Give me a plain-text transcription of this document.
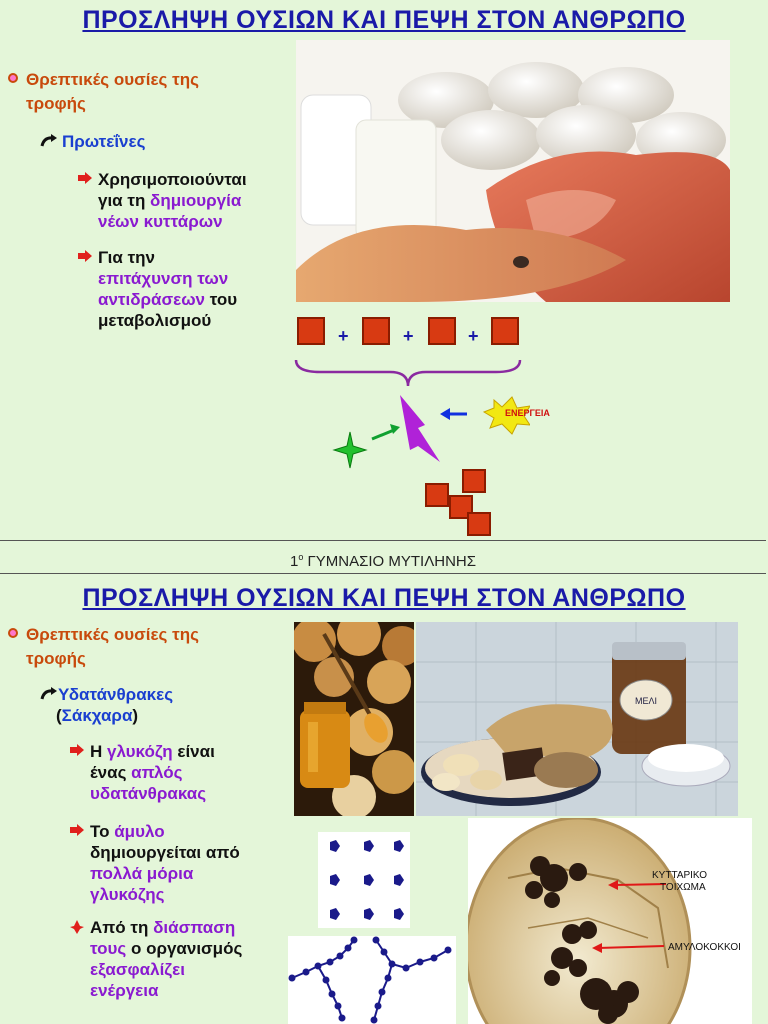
ΠΡΟΣΛΗΨΗ ΟΥΣΙΩΝ ΚΑΙ ΠΕΨΗ ΣΤΟΝ ΑΝΘΡΩΠΟ
Θρεπτικές ουσίες της
τροφής
Πρωτεΐνες
Χρησιμοποιούνται
για τη δημιουργία
νέων κυττάρων
Για την
επιτάχυνση των
αντιδράσεων του
μεταβολισμού
+	+	+
ΕΝΕΡΓΕΙΑ
$1^o$ ΓΥΜΝΑΣΙΟ ΜΥΤΙΛΗΝΗΣ
ΠΡΟΣΛΗΨΗ ΟΥΣΙΩΝ ΚΑΙ ΠΕΨΗ ΣΤΟΝ ΑΝΘΡΩΠΟ
Θρεπτικές ουσίες της
τροφής
Υδατάνθρακες
(Σάκχαρα)
Η γλυκόζη είναι
ένας απλός
υδατάνθρακας
Το άμυλο
δημιουργείται από
πολλά μόρια
γλυκόζης
Από τη διάσπαση
τους ο οργανισμός
εξασφαλίζει
ενέργεια
ΜΕΛΙ
ΚΥΤΤΑΡΙΚΟ
ΤΟΙΧΩΜΑ
ΑΜΥΛΟΚΟΚΚΟΙ
